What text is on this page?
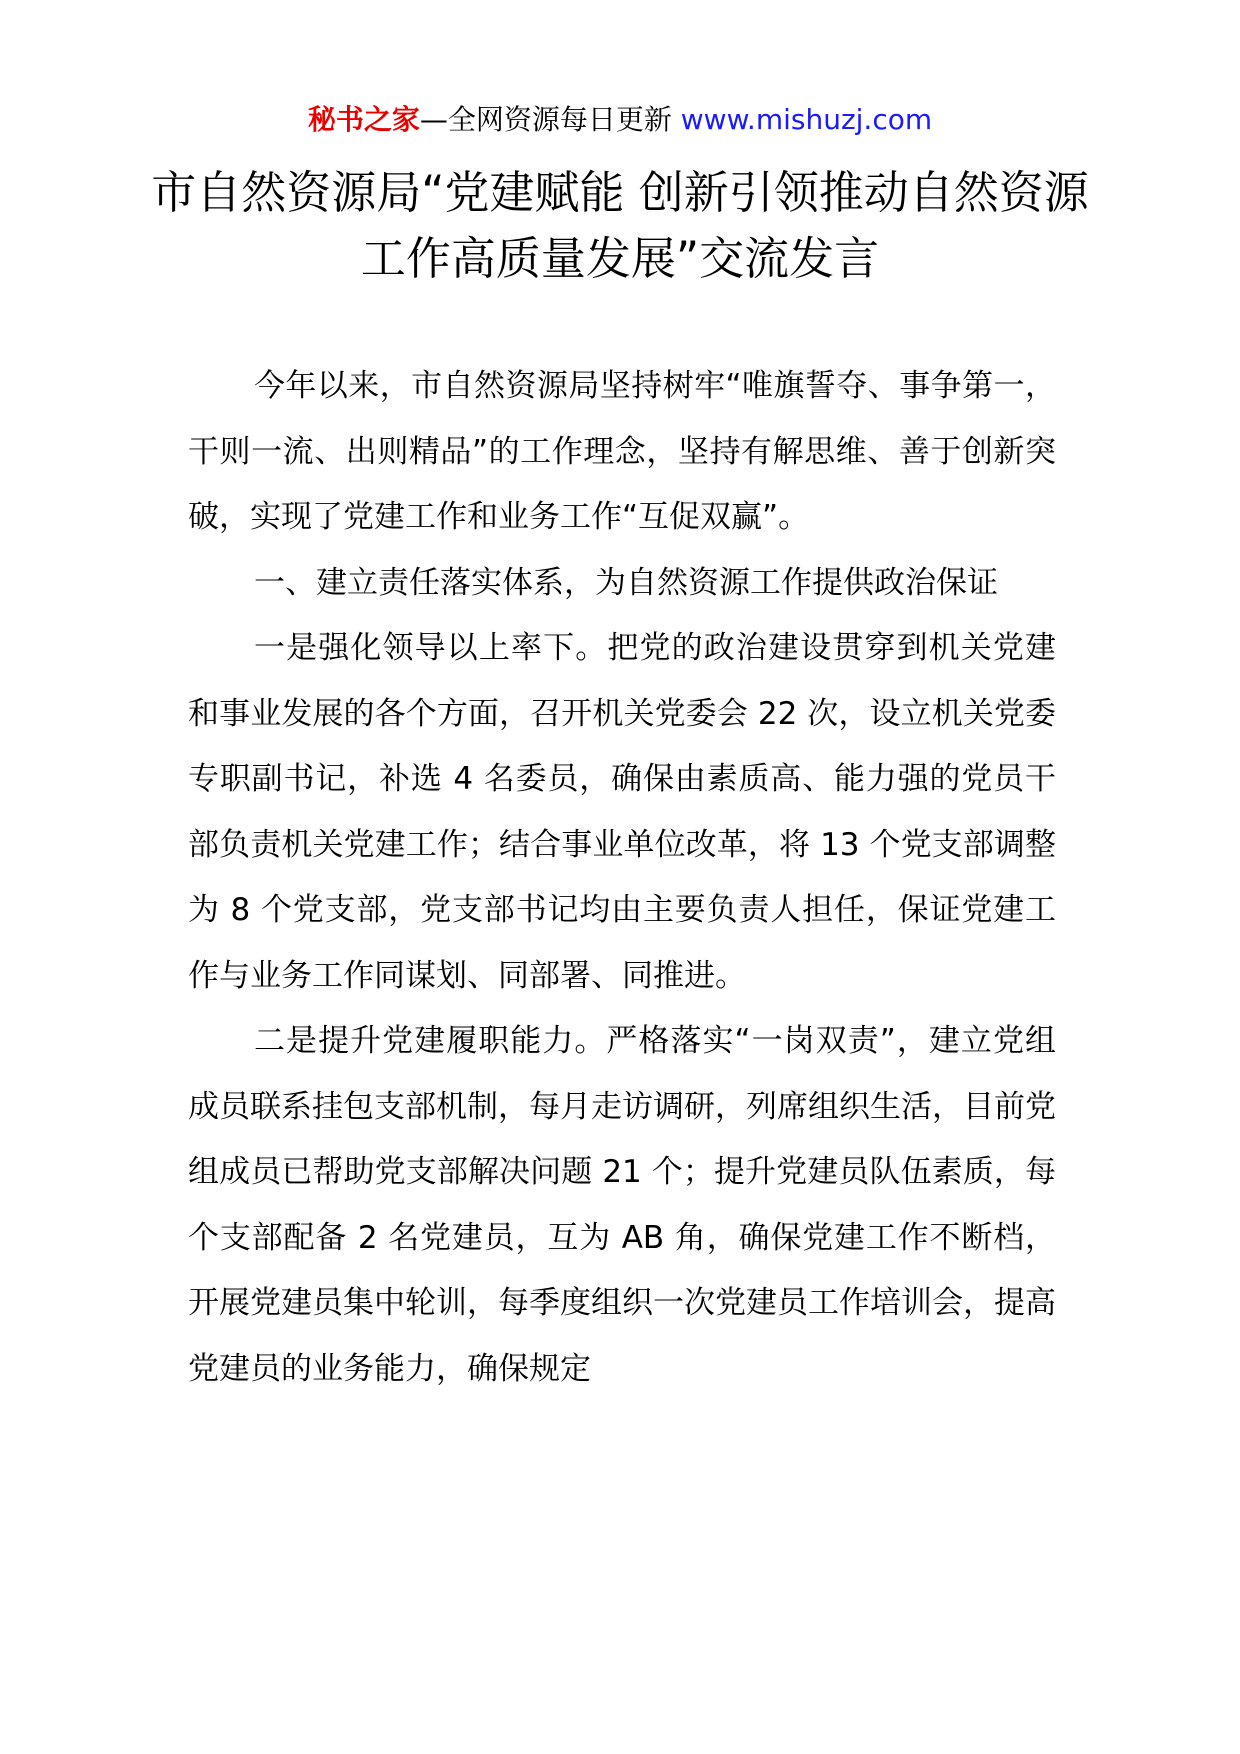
秘书之家—全网资源每日更新 www.mishuzj.com
市自然资源局“党建赋能 创新引领推动自然资源工作高质量发展”交流发言

今年以来，市自然资源局坚持树牢“唯旗誓夺、事争第一，干则一流、出则精品”的工作理念，坚持有解思维、善于创新突破，实现了党建工作和业务工作“互促双赢”。

一、建立责任落实体系，为自然资源工作提供政治保证

一是强化领导以上率下。把党的政治建设贯穿到机关党建和事业发展的各个方面，召开机关党委会 22 次，设立机关党委专职副书记，补选 4 名委员，确保由素质高、能力强的党员干部负责机关党建工作；结合事业单位改革，将 13 个党支部调整为 8 个党支部，党支部书记均由主要负责人担任，保证党建工作与业务工作同谋划、同部署、同推进。

二是提升党建履职能力。严格落实“一岗双责”，建立党组成员联系挂包支部机制，每月走访调研，列席组织生活，目前党组成员已帮助党支部解决问题 21 个；提升党建员队伍素质，每个支部配备 2 名党建员，互为 AB 角，确保党建工作不断档，开展党建员集中轮训，每季度组织一次党建员工作培训会，提高党建员的业务能力，确保规定
